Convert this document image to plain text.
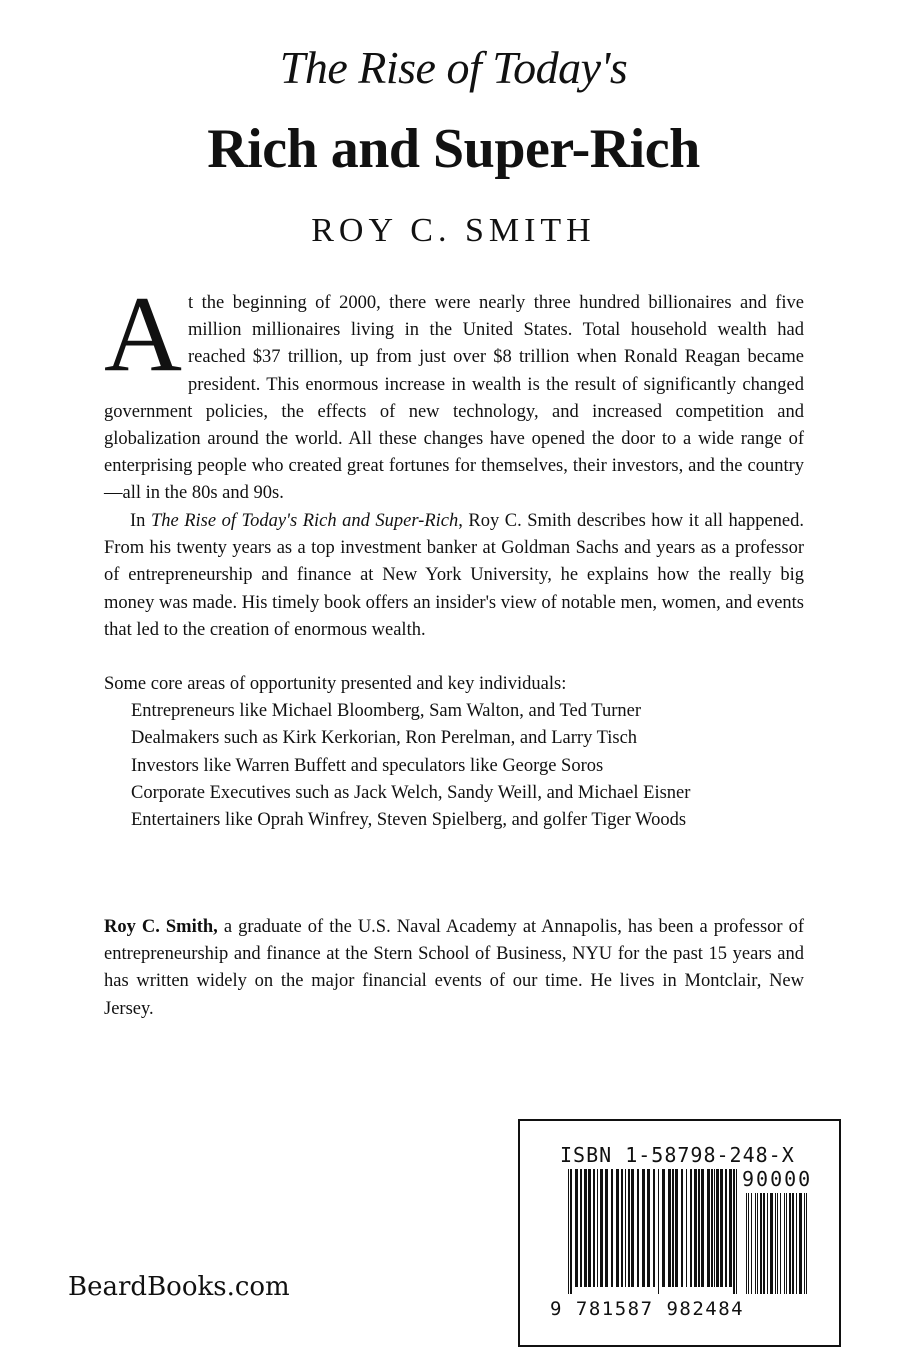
The Rise of Today's
Rich and Super-Rich
ROY C. SMITH
At the beginning of 2000, there were nearly three hundred billionaires and five million millionaires living in the United States. Total household wealth had reached $37 trillion, up from just over $8 trillion when Ronald Reagan became president. This enormous increase in wealth is the result of significantly changed government policies, the effects of new technology, and increased competition and globalization around the world. All these changes have opened the door to a wide range of enterprising people who created great fortunes for themselves, their investors, and the country—all in the 80s and 90s.
In The Rise of Today's Rich and Super-Rich, Roy C. Smith describes how it all happened. From his twenty years as a top investment banker at Goldman Sachs and years as a professor of entrepreneurship and finance at New York University, he explains how the really big money was made. His timely book offers an insider's view of notable men, women, and events that led to the creation of enormous wealth.
Some core areas of opportunity presented and key individuals:
Entrepreneurs like Michael Bloomberg, Sam Walton, and Ted Turner
Dealmakers such as Kirk Kerkorian, Ron Perelman, and Larry Tisch
Investors like Warren Buffett and speculators like George Soros
Corporate Executives such as Jack Welch, Sandy Weill, and Michael Eisner
Entertainers like Oprah Winfrey, Steven Spielberg, and golfer Tiger Woods
Roy C. Smith, a graduate of the U.S. Naval Academy at Annapolis, has been a professor of entrepreneurship and finance at the Stern School of Business, NYU for the past 15 years and has written widely on the major financial events of our time. He lives in Montclair, New Jersey.
BeardBooks.com
ISBN 1-58798-248-X
90000
9 781587 982484
